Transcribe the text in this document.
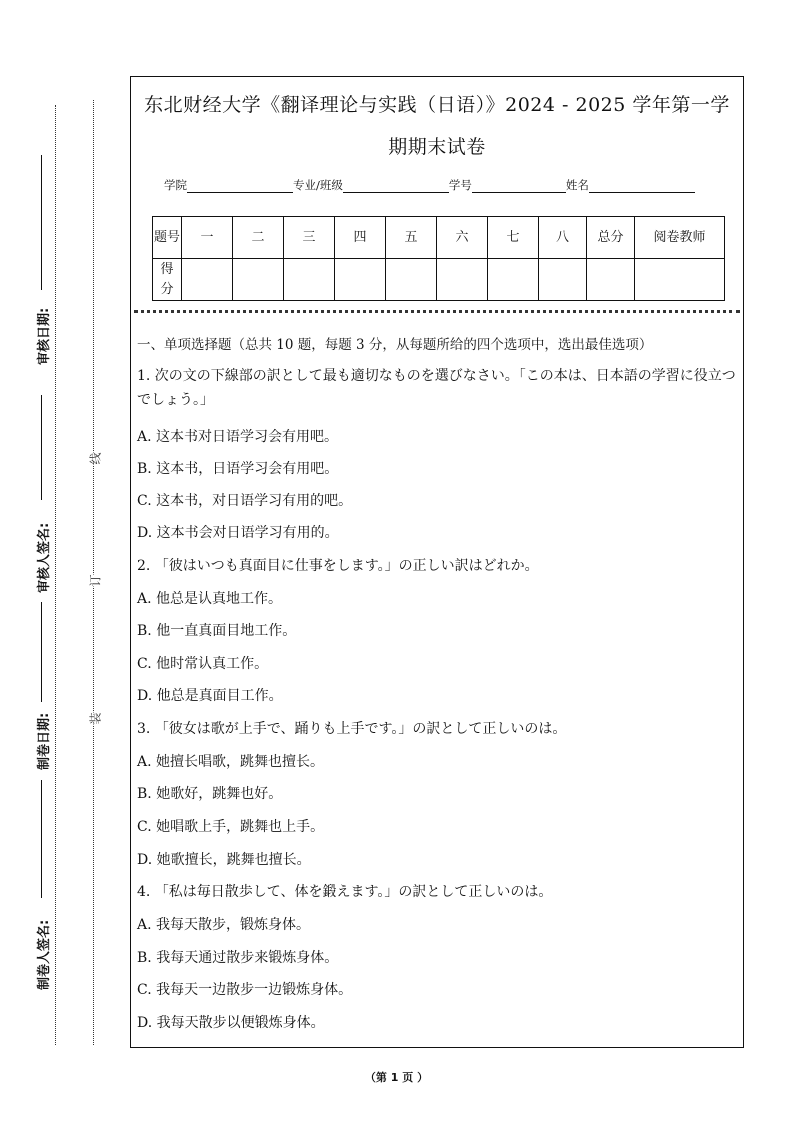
审核日期:
审核人签名:
制卷日期:
制卷人签名:
线
订
装
东北财经大学《翻译理论与实践（日语）》2024 - 2025 学年第一学
期期末试卷
学院	专业/班级	学号	姓名
题号	一	二	三	四	五	六	七	八	总分	阅卷教师
得分										
一、单项选择题（总共 10 题，每题 3 分，从每题所给的四个选项中，选出最佳选项）
1. 次の文の下線部の訳として最も適切なものを選びなさい。「この本は、日本語の学習に役立つでしょう。」
A. 这本书对日语学习会有用吧。
B. 这本书，日语学习会有用吧。
C. 这本书，对日语学习有用的吧。
D. 这本书会对日语学习有用的。
2. 「彼はいつも真面目に仕事をします。」の正しい訳はどれか。
A. 他总是认真地工作。
B. 他一直真面目地工作。
C. 他时常认真工作。
D. 他总是真面目工作。
3. 「彼女は歌が上手で、踊りも上手です。」の訳として正しいのは。
A. 她擅长唱歌，跳舞也擅长。
B. 她歌好，跳舞也好。
C. 她唱歌上手，跳舞也上手。
D. 她歌擅长，跳舞也擅长。
4. 「私は毎日散歩して、体を鍛えます。」の訳として正しいのは。
A. 我每天散步，锻炼身体。
B. 我每天通过散步来锻炼身体。
C. 我每天一边散步一边锻炼身体。
D. 我每天散步以便锻炼身体。
（第 1 页 ）
